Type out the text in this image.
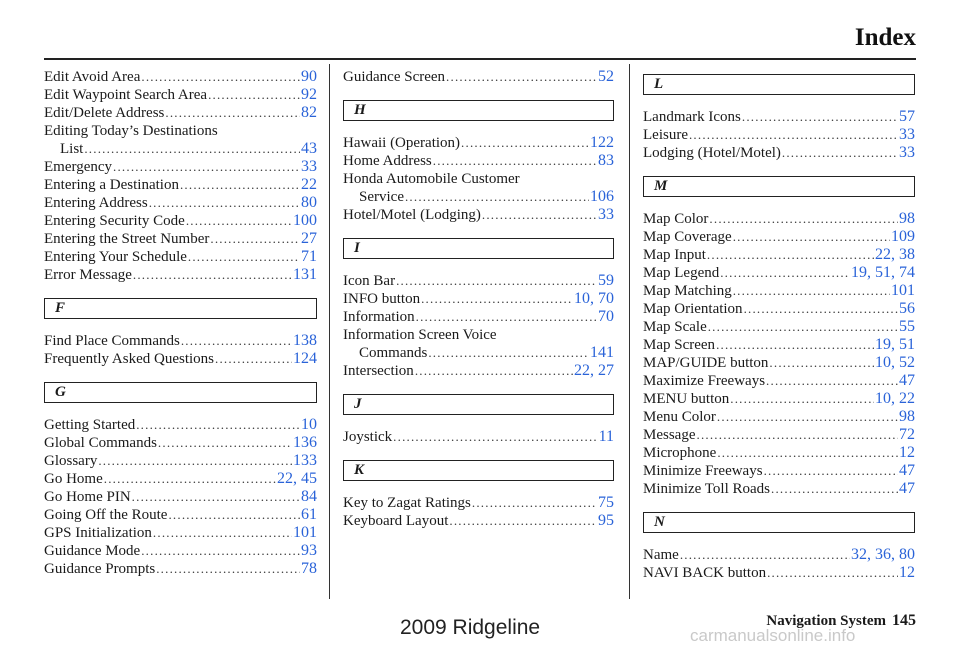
Index
Edit Avoid Area .....	90
Edit Waypoint Search Area .....	92
Edit/Delete Address .....	82
Editing Today’s Destinations
List .....	43
Emergency .....	33
Entering a Destination .....	22
Entering Address .....	80
Entering Security Code .....	100
Entering the Street Number .....	27
Entering Your Schedule .....	71
Error Message .....	131
F
Find Place Commands .....	138
Frequently Asked Questions .....	124
G
Getting Started .....	10
Global Commands .....	136
Glossary .....	133
Go Home .....	22, 45
Go Home PIN .....	84
Going Off the Route .....	61
GPS Initialization .....	101
Guidance Mode .....	93
Guidance Prompts .....	78
Guidance Screen .....	52
H
Hawaii (Operation) .....	122
Home Address .....	83
Honda Automobile Customer
Service .....	106
Hotel/Motel (Lodging) .....	33
I
Icon Bar .....	59
INFO button .....	10, 70
Information .....	70
Information Screen Voice
Commands .....	141
Intersection .....	22, 27
J
Joystick .....	11
K
Key to Zagat Ratings .....	75
Keyboard Layout .....	95
L
Landmark Icons .....	57
Leisure .....	33
Lodging (Hotel/Motel) .....	33
M
Map Color .....	98
Map Coverage .....	109
Map Input .....	22, 38
Map Legend .....	19, 51, 74
Map Matching .....	101
Map Orientation .....	56
Map Scale .....	55
Map Screen .....	19, 51
MAP/GUIDE button .....	10, 52
Maximize Freeways .....	47
MENU button .....	10, 22
Menu Color .....	98
Message .....	72
Microphone .....	12
Minimize Freeways .....	47
Minimize Toll Roads .....	47
N
Name .....	32, 36, 80
NAVI BACK button .....	12
Navigation System 145
2009 Ridgeline	carmanualsonline.info
